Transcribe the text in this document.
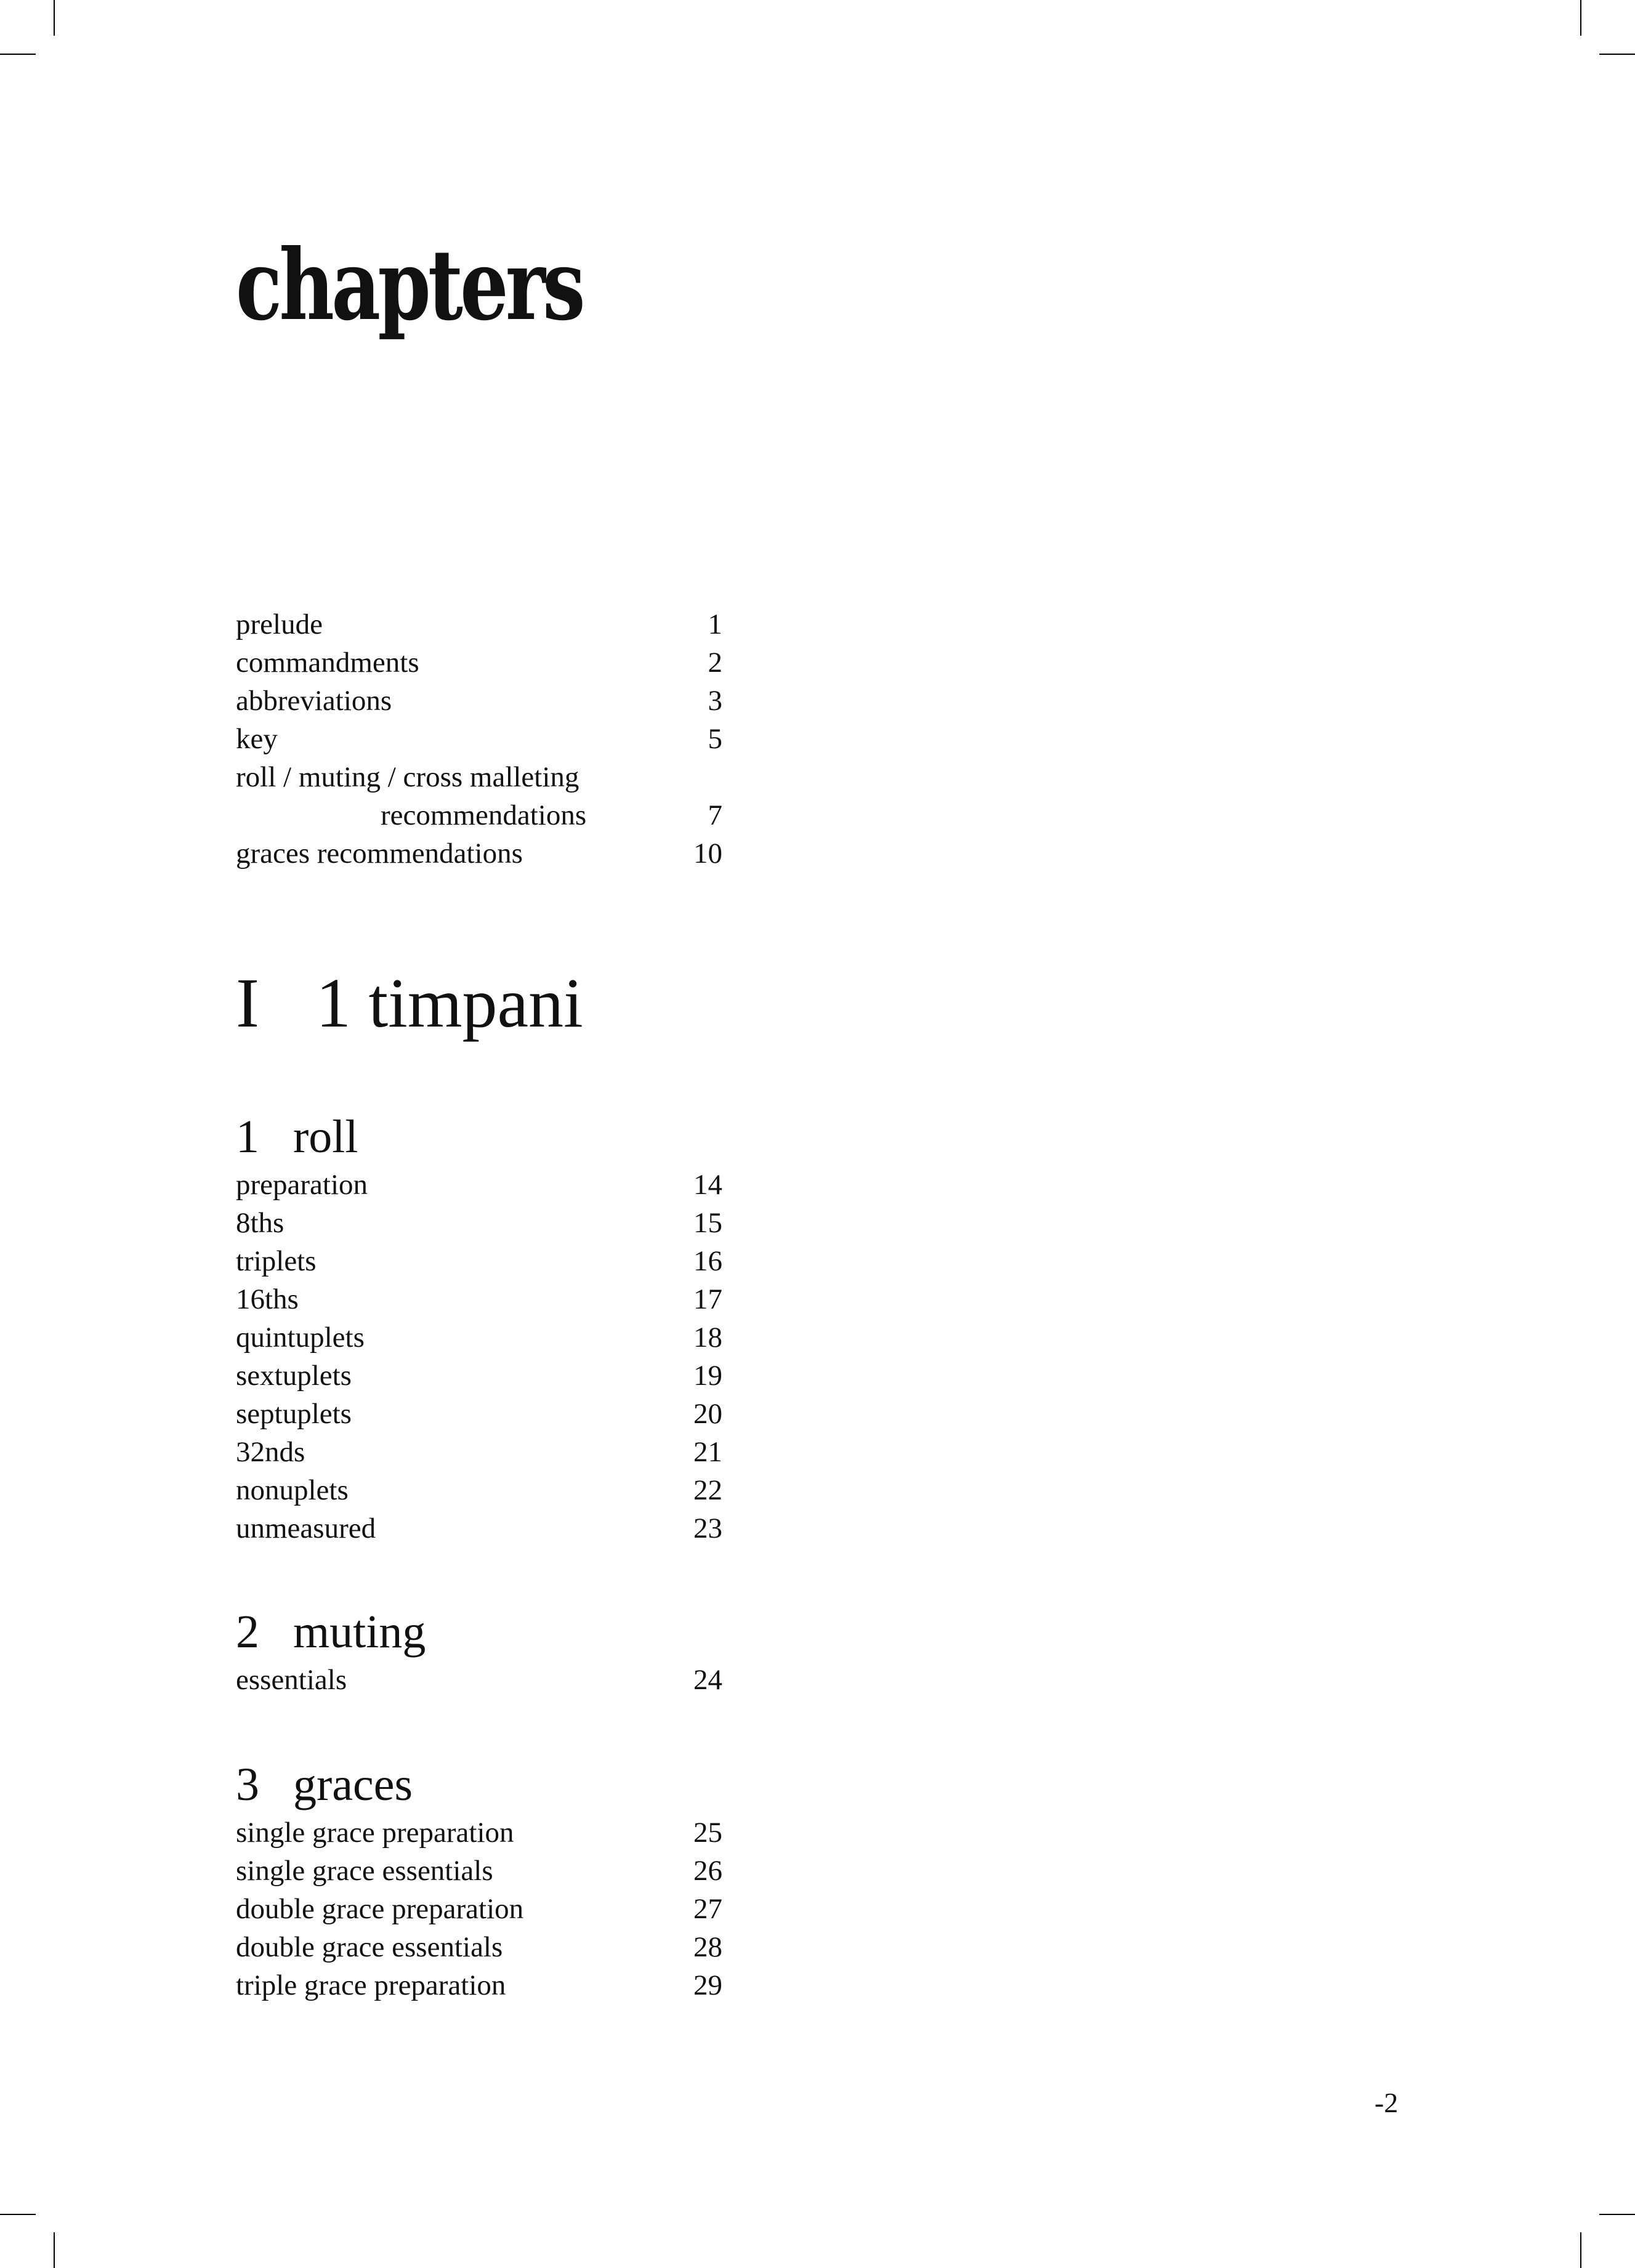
chapters
prelude	1
commandments	2
abbreviations	3
key	5
roll / muting / cross malleting
recommendations	7
graces recommendations	10
I 1 timpani
1 roll
preparation	14
8ths	15
triplets	16
16ths	17
quintuplets	18
sextuplets	19
septuplets	20
32nds	21
nonuplets	22
unmeasured	23
2 muting
essentials	24
3 graces
single grace preparation	25
single grace essentials	26
double grace preparation	27
double grace essentials	28
triple grace preparation	29
-2
